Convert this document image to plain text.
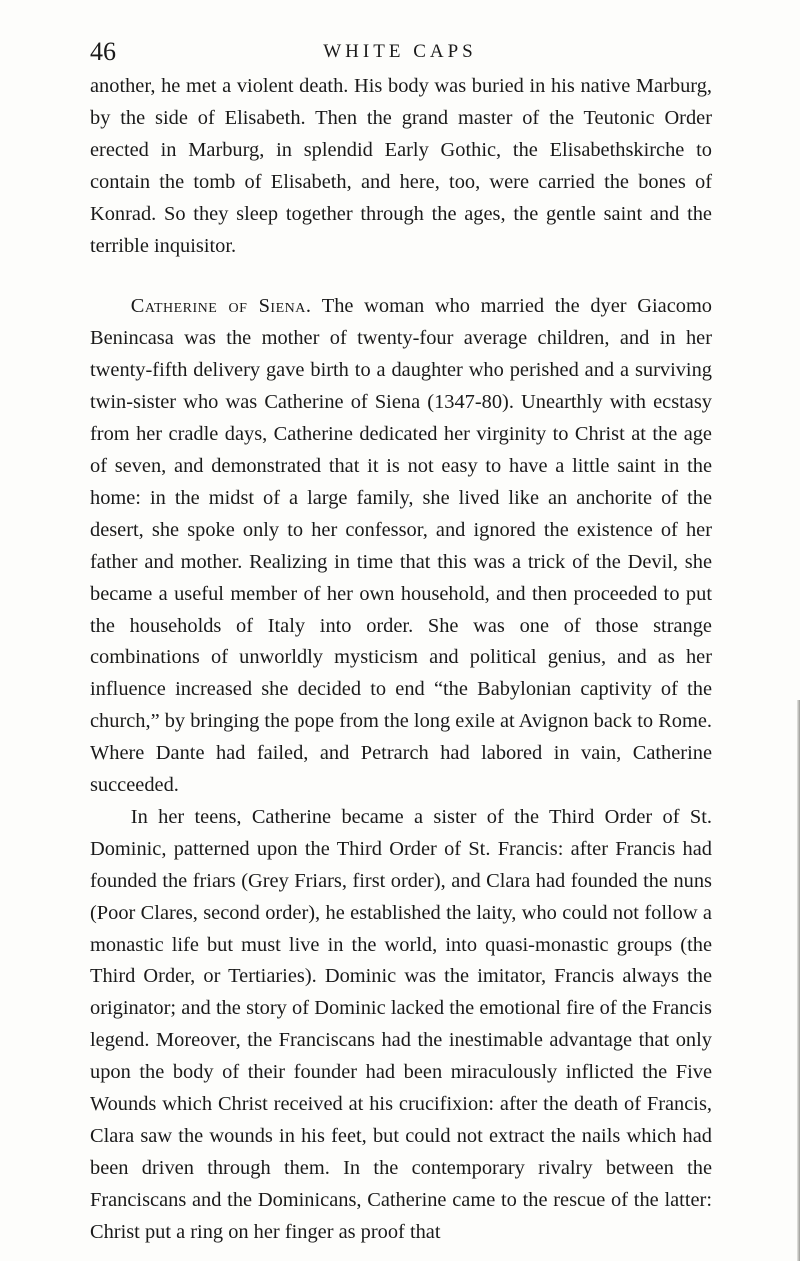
46	WHITE CAPS

another, he met a violent death. His body was buried in his native Marburg, by the side of Elisabeth. Then the grand master of the Teutonic Order erected in Marburg, in splendid Early Gothic, the Elisabethskirche to contain the tomb of Elisabeth, and here, too, were carried the bones of Konrad. So they sleep together through the ages, the gentle saint and the terrible inquisitor.

Catherine of Siena. The woman who married the dyer Giacomo Benincasa was the mother of twenty-four average children, and in her twenty-fifth delivery gave birth to a daughter who perished and a surviving twin-sister who was Catherine of Siena (1347-80). Unearthly with ecstasy from her cradle days, Catherine dedicated her virginity to Christ at the age of seven, and demonstrated that it is not easy to have a little saint in the home: in the midst of a large family, she lived like an anchorite of the desert, she spoke only to her confessor, and ignored the existence of her father and mother. Realizing in time that this was a trick of the Devil, she became a useful member of her own household, and then proceeded to put the households of Italy into order. She was one of those strange combinations of unworldly mysticism and political genius, and as her influence increased she decided to end “the Babylonian captivity of the church,” by bringing the pope from the long exile at Avignon back to Rome. Where Dante had failed, and Petrarch had labored in vain, Catherine succeeded.

In her teens, Catherine became a sister of the Third Order of St. Dominic, patterned upon the Third Order of St. Francis: after Francis had founded the friars (Grey Friars, first order), and Clara had founded the nuns (Poor Clares, second order), he established the laity, who could not follow a monastic life but must live in the world, into quasi-monastic groups (the Third Order, or Tertiaries). Dominic was the imitator, Francis always the originator; and the story of Dominic lacked the emotional fire of the Francis legend. Moreover, the Franciscans had the inestimable advantage that only upon the body of their founder had been miraculously inflicted the Five Wounds which Christ received at his crucifixion: after the death of Francis, Clara saw the wounds in his feet, but could not extract the nails which had been driven through them. In the contemporary rivalry between the Franciscans and the Dominicans, Catherine came to the rescue of the latter: Christ put a ring on her finger as proof that
